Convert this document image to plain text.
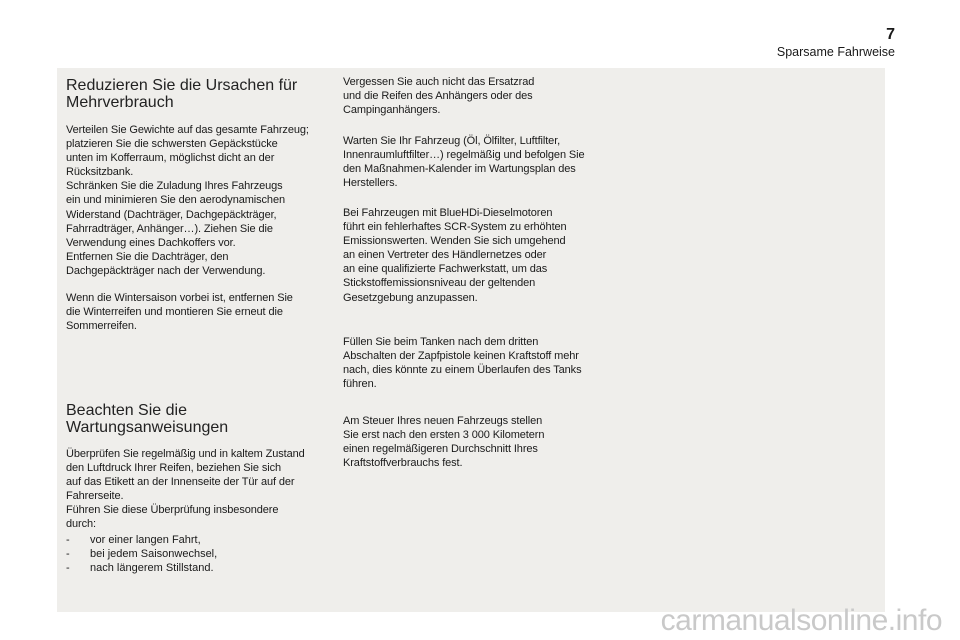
7
Sparsame Fahrweise
Reduzieren Sie die Ursachen für
Mehrverbrauch

Verteilen Sie Gewichte auf das gesamte Fahrzeug;
platzieren Sie die schwersten Gepäckstücke
unten im Kofferraum, möglichst dicht an der
Rücksitzbank.
Schränken Sie die Zuladung Ihres Fahrzeugs
ein und minimieren Sie den aerodynamischen
Widerstand (Dachträger, Dachgepäckträger,
Fahrradträger, Anhänger…). Ziehen Sie die
Verwendung eines Dachkoffers vor.
Entfernen Sie die Dachträger, den
Dachgepäckträger nach der Verwendung.

Wenn die Wintersaison vorbei ist, entfernen Sie
die Winterreifen und montieren Sie erneut die
Sommerreifen.

Beachten Sie die
Wartungsanweisungen

Überprüfen Sie regelmäßig und in kaltem Zustand
den Luftdruck Ihrer Reifen, beziehen Sie sich
auf das Etikett an der Innenseite der Tür auf der
Fahrerseite.
Führen Sie diese Überprüfung insbesondere
durch:

- vor einer langen Fahrt,
- bei jedem Saisonwechsel,
- nach längerem Stillstand.

Vergessen Sie auch nicht das Ersatzrad
und die Reifen des Anhängers oder des
Campinganhängers.

Warten Sie Ihr Fahrzeug (Öl, Ölfilter, Luftfilter,
Innenraumluftfilter…) regelmäßig und befolgen Sie
den Maßnahmen-Kalender im Wartungsplan des
Herstellers.

Bei Fahrzeugen mit BlueHDi-Dieselmotoren
führt ein fehlerhaftes SCR-System zu erhöhten
Emissionswerten. Wenden Sie sich umgehend
an einen Vertreter des Händlernetzes oder
an eine qualifizierte Fachwerkstatt, um das
Stickstoffemissionsniveau der geltenden
Gesetzgebung anzupassen.

Füllen Sie beim Tanken nach dem dritten
Abschalten der Zapfpistole keinen Kraftstoff mehr
nach, dies könnte zu einem Überlaufen des Tanks
führen.

Am Steuer Ihres neuen Fahrzeugs stellen
Sie erst nach den ersten 3 000 Kilometern
einen regelmäßigeren Durchschnitt Ihres
Kraftstoffverbrauchs fest.

carmanualsonline.info
